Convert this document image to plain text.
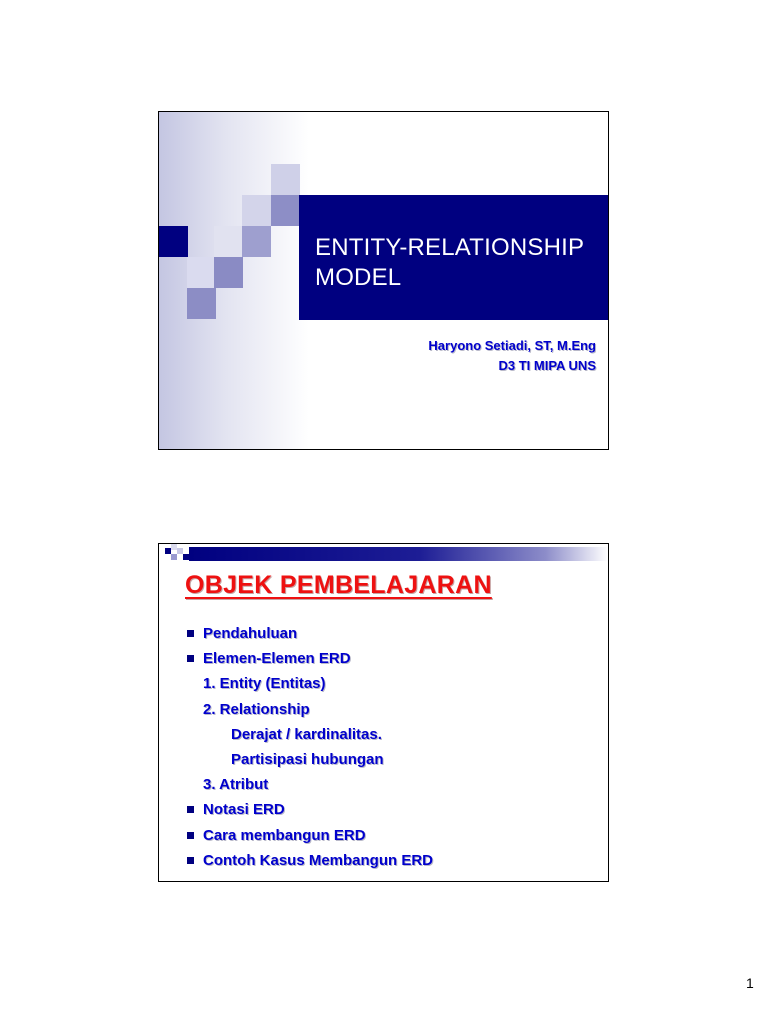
ENTITY-RELATIONSHIP
MODEL
Haryono Setiadi, ST, M.Eng
D3 TI MIPA UNS
OBJEK PEMBELAJARAN
Pendahuluan
Elemen-Elemen ERD
1. Entity (Entitas)
2. Relationship
Derajat / kardinalitas.
Partisipasi hubungan
3. Atribut
Notasi ERD
Cara membangun ERD
Contoh Kasus Membangun ERD
1
